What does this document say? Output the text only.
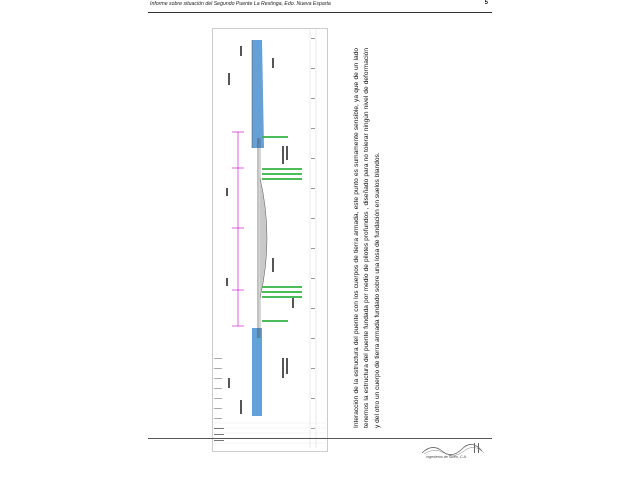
Informe sobre situación del Segundo Puente La Restinga, Edo. Nueva Esparta	5
Interacción de la estructura del puente con los cuerpos de tierra armada, este punto es sumamente sensible, ya que de un lado tenemos la estructura del puente fundada por medio de pilotes profundos , diseñado para no tolerar ningún nivel de deformación y del otro un cuerpo de tierra armada fundado sobre una losa de fundación en suelos blandos.
Ingenieros de Suelo, C.A.
